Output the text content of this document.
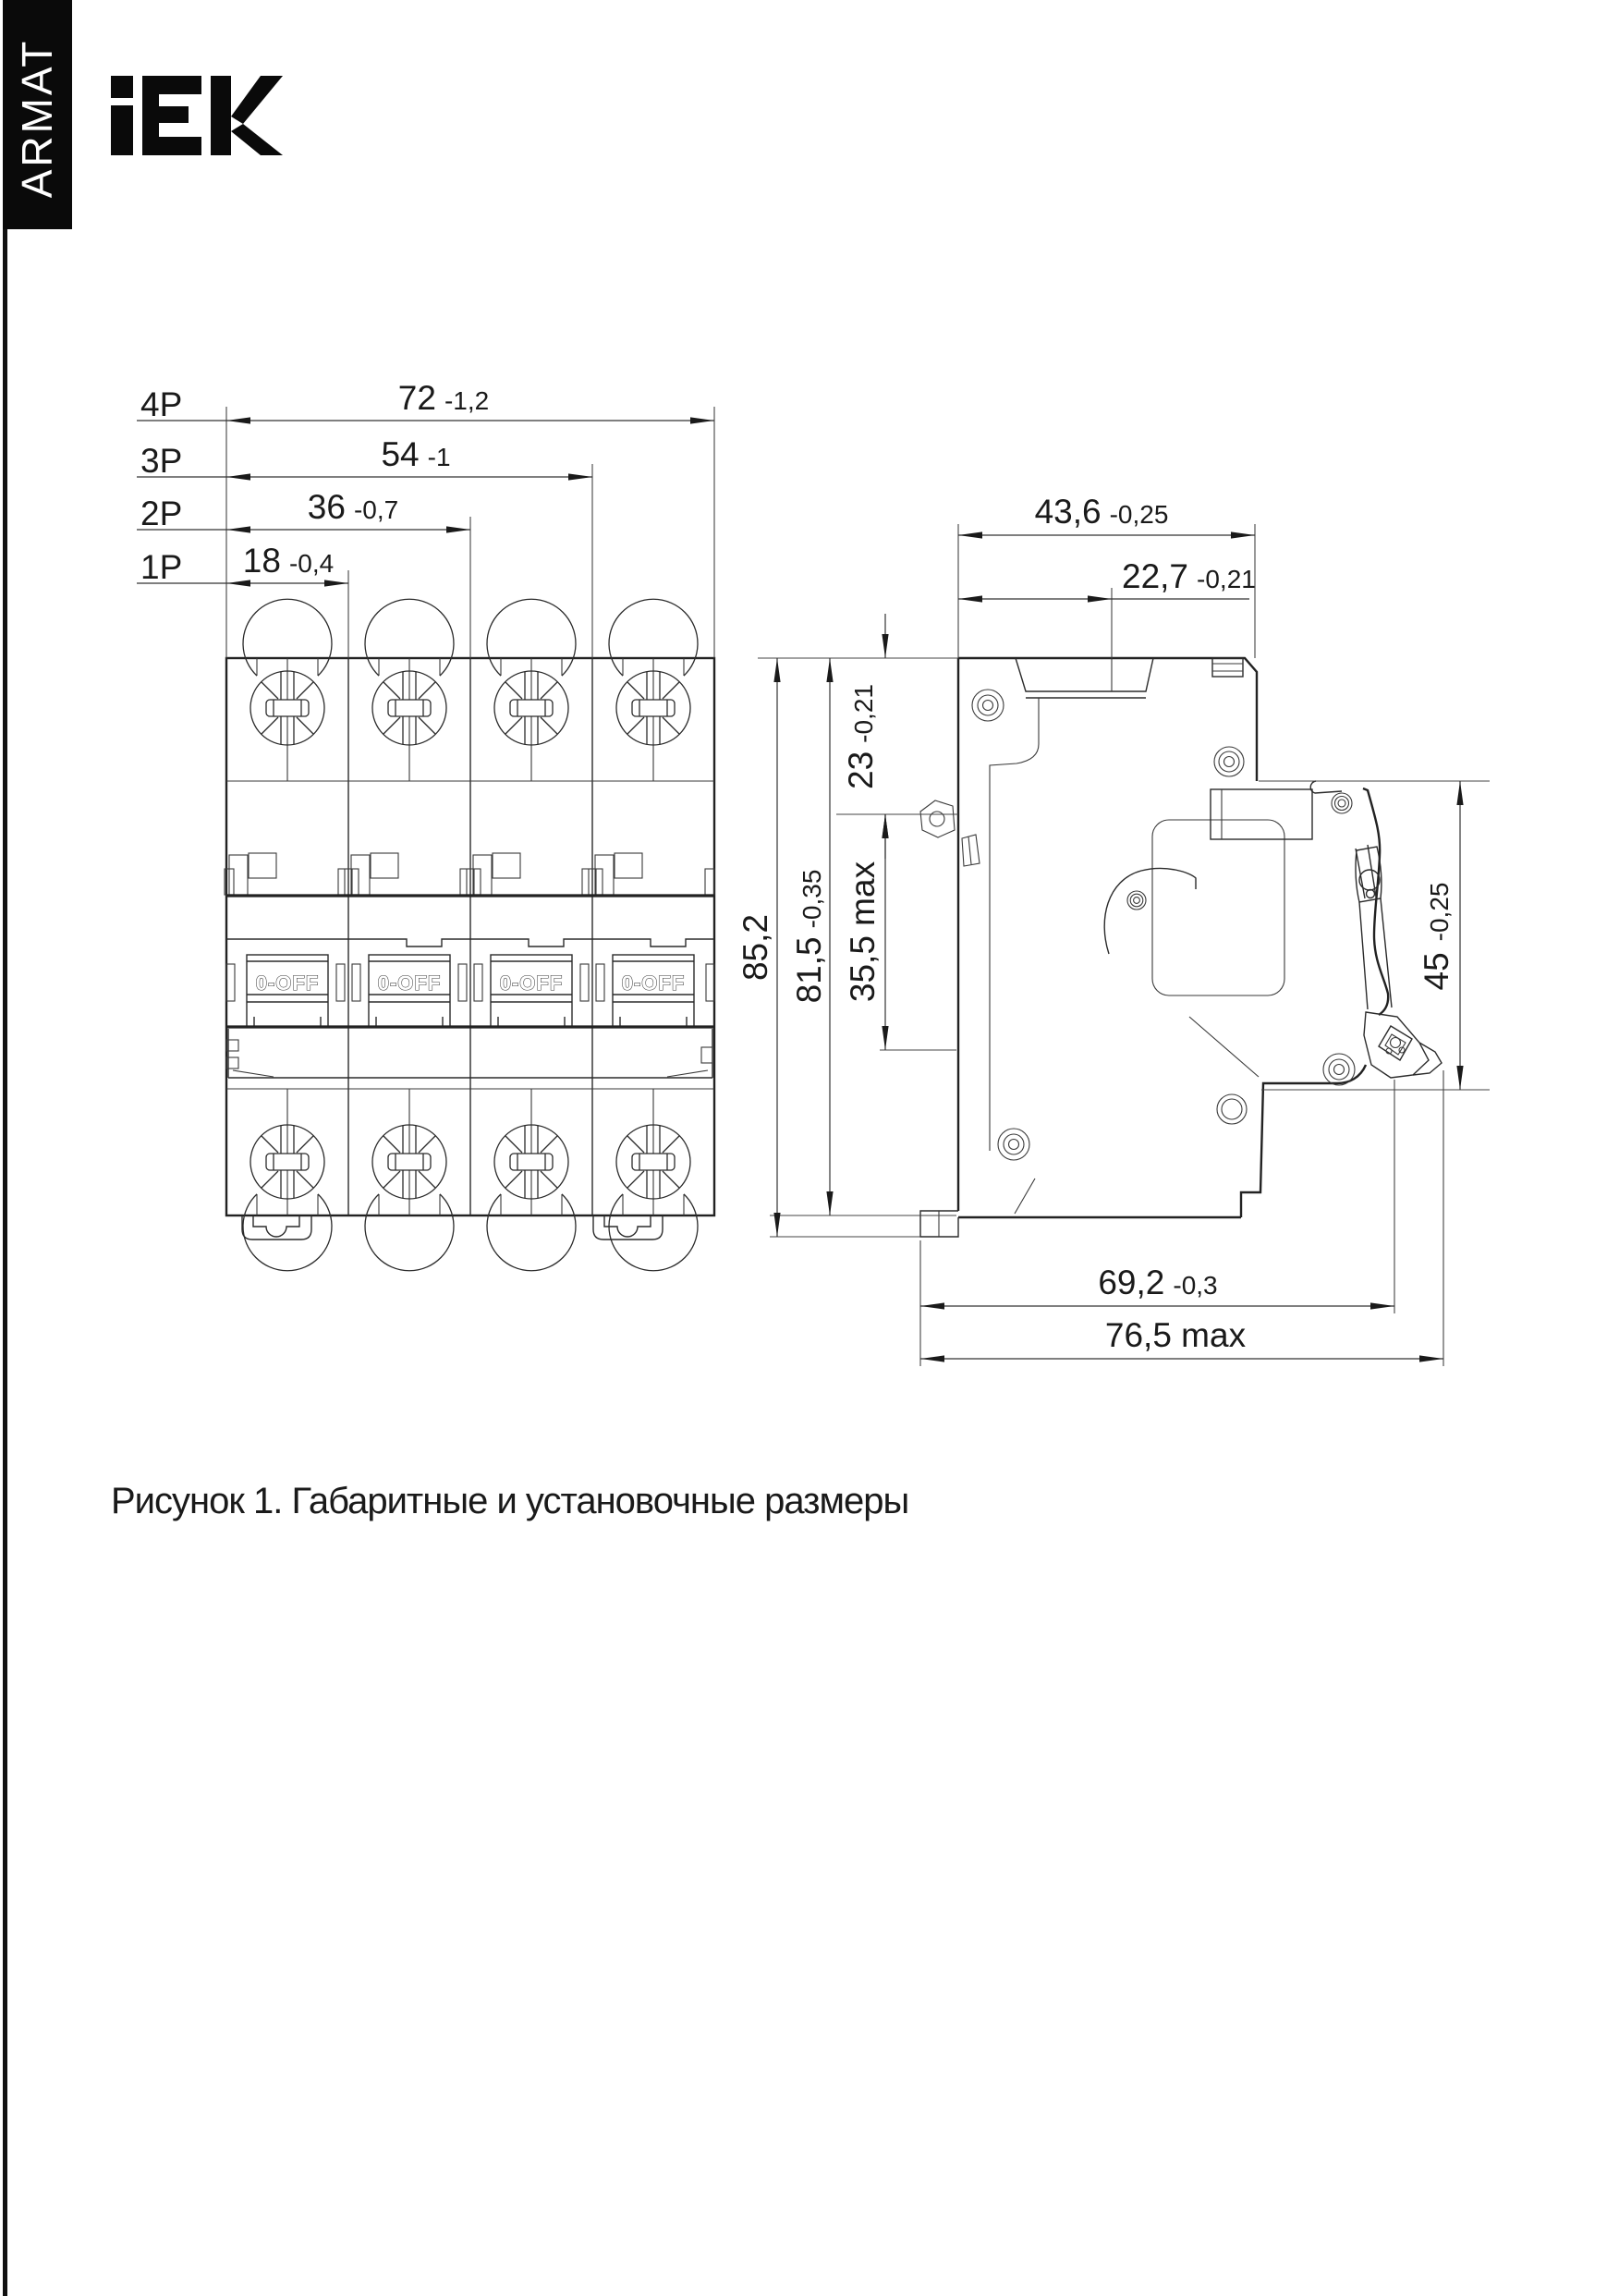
ARMAT
0-OFF	0-OFF	0-OFF	0-OFF
4P	72 -1,2
3P	54 -1
2P	36 -0,7
1P 18 -0,4
85,2 81,5-0,35
23-0,21
35,5 max
43,6 -0,25
22,7 -0,21
45-0,25
69,2 -0,3
76,5 max
Рисунок 1. Габаритные и установочные размеры
